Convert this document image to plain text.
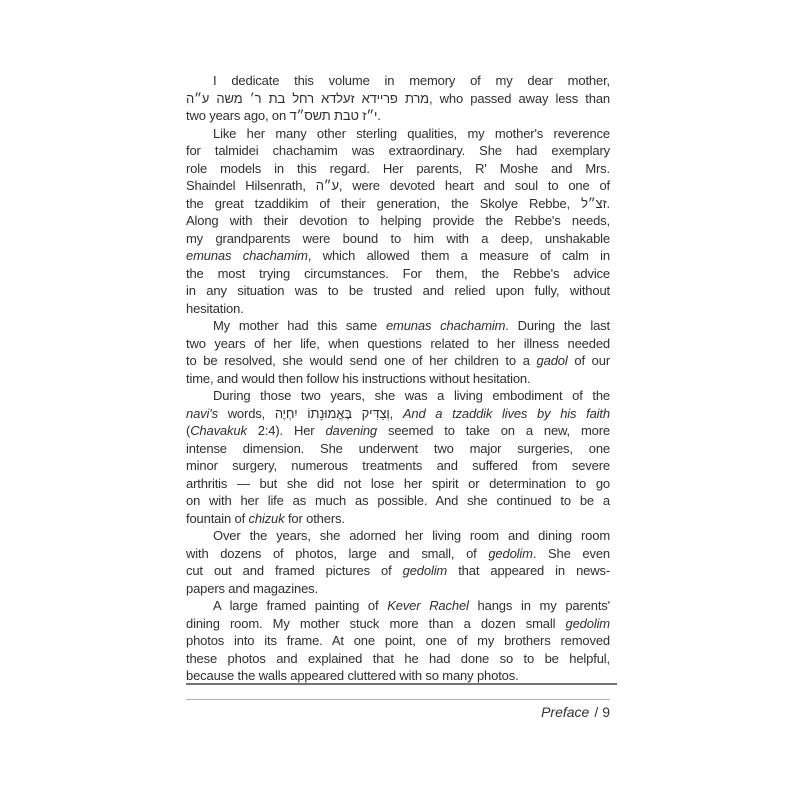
I dedicate this volume in memory of my dear mother,
מרת פריידא זעלדא רחל בת ר׳ משה ע״ה, who passed away less than
two years ago, on י״ז טבת תשס״ד.
Like her many other sterling qualities, my mother's reverence
for talmidei chachamim was extraordinary. She had exemplary
role models in this regard. Her parents, R' Moshe and Mrs.
Shaindel Hilsenrath, ע״ה, were devoted heart and soul to one of
the great tzaddikim of their generation, the Skolye Rebbe, זצ״ל.
Along with their devotion to helping provide the Rebbe's needs,
my grandparents were bound to him with a deep, unshakable
emunas chachamim, which allowed them a measure of calm in
the most trying circumstances. For them, the Rebbe's advice
in any situation was to be trusted and relied upon fully, without
hesitation.
My mother had this same emunas chachamim. During the last
two years of her life, when questions related to her illness needed
to be resolved, she would send one of her children to a gadol of our
time, and would then follow his instructions without hesitation.
During those two years, she was a living embodiment of the
navi's words, וְצַדִּיק בֶּאֱמוּנָתוֹ יִחְיֶה, And a tzaddik lives by his faith
(Chavakuk 2:4). Her davening seemed to take on a new, more
intense dimension. She underwent two major surgeries, one
minor surgery, numerous treatments and suffered from severe
arthritis — but she did not lose her spirit or determination to go
on with her life as much as possible. And she continued to be a
fountain of chizuk for others.
Over the years, she adorned her living room and dining room
with dozens of photos, large and small, of gedolim. She even
cut out and framed pictures of gedolim that appeared in news-
papers and magazines.
A large framed painting of Kever Rachel hangs in my parents'
dining room. My mother stuck more than a dozen small gedolim
photos into its frame. At one point, one of my brothers removed
these photos and explained that he had done so to be helpful,
because the walls appeared cluttered with so many photos.
Preface / 9
